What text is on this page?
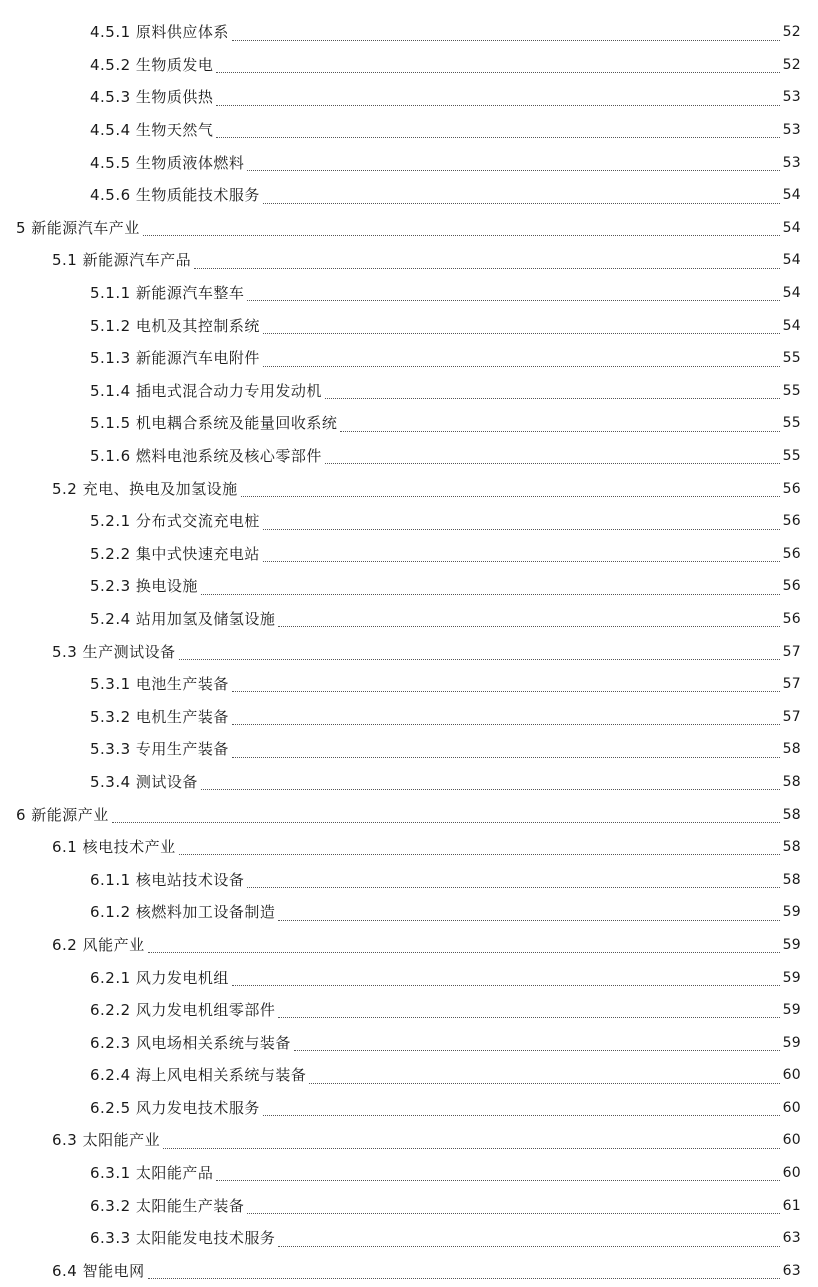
4.5.1 原料供应体系	52
4.5.2 生物质发电	52
4.5.3 生物质供热	53
4.5.4 生物天然气	53
4.5.5 生物质液体燃料	53
4.5.6 生物质能技术服务	54
5 新能源汽车产业	54
5.1 新能源汽车产品	54
5.1.1 新能源汽车整车	54
5.1.2 电机及其控制系统	54
5.1.3 新能源汽车电附件	55
5.1.4 插电式混合动力专用发动机	55
5.1.5 机电耦合系统及能量回收系统	55
5.1.6 燃料电池系统及核心零部件	55
5.2 充电、换电及加氢设施	56
5.2.1 分布式交流充电桩	56
5.2.2 集中式快速充电站	56
5.2.3 换电设施	56
5.2.4 站用加氢及储氢设施	56
5.3 生产测试设备	57
5.3.1 电池生产装备	57
5.3.2 电机生产装备	57
5.3.3 专用生产装备	58
5.3.4 测试设备	58
6 新能源产业	58
6.1 核电技术产业	58
6.1.1 核电站技术设备	58
6.1.2 核燃料加工设备制造	59
6.2 风能产业	59
6.2.1 风力发电机组	59
6.2.2 风力发电机组零部件	59
6.2.3 风电场相关系统与装备	59
6.2.4 海上风电相关系统与装备	60
6.2.5 风力发电技术服务	60
6.3 太阳能产业	60
6.3.1 太阳能产品	60
6.3.2 太阳能生产装备	61
6.3.3 太阳能发电技术服务	63
6.4 智能电网	63
